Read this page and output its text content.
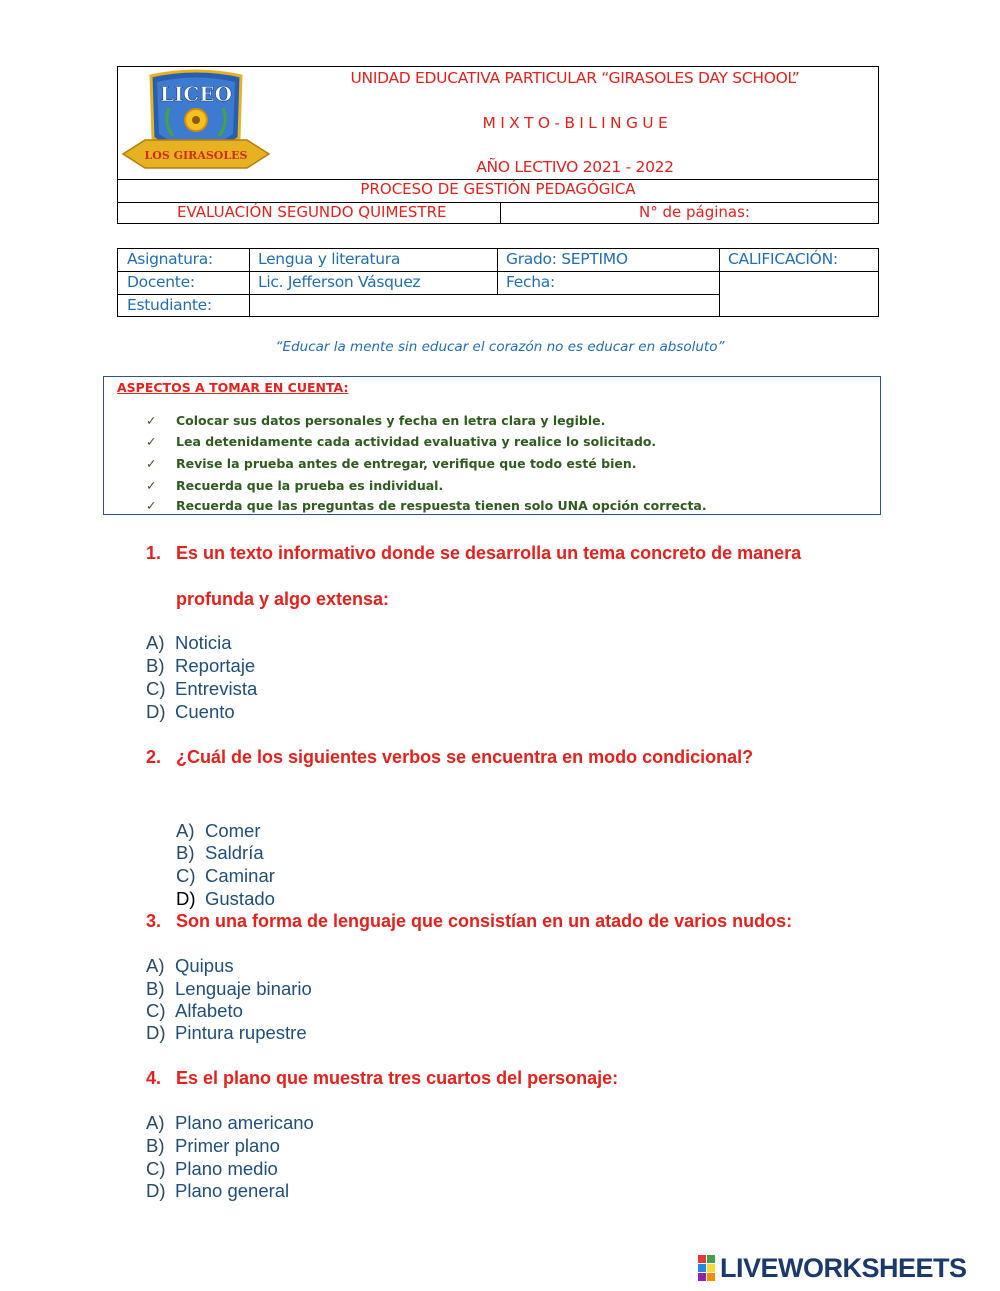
LICEO
LOS GIRASOLES
UNIDAD EDUCATIVA PARTICULAR “GIRASOLES DAY SCHOOL”
M I X T O - B I L I N G U E
AÑO LECTIVO 2021 - 2022
PROCESO DE GESTIÓN PEDAGÓGICA
EVALUACIÓN SEGUNDO QUIMESTRE	N° de páginas:
Asignatura:	Lengua y literatura	Grado: SEPTIMO	CALIFICACIÓN:
Docente:	Lic. Jefferson Vásquez	Fecha:
Estudiante:
“Educar la mente sin educar el corazón no es educar en absoluto”
ASPECTOS A TOMAR EN CUENTA:
✓ Colocar sus datos personales y fecha en letra clara y legible.
✓ Lea detenidamente cada actividad evaluativa y realice lo solicitado.
✓ Revise la prueba antes de entregar, verifique que todo esté bien.
✓ Recuerda que la prueba es individual.
✓ Recuerda que las preguntas de respuesta tienen solo UNA opción correcta.
1. Es un texto informativo donde se desarrolla un tema concreto de manera
profunda y algo extensa:
A) Noticia
B) Reportaje
C) Entrevista
D) Cuento
2. ¿Cuál de los siguientes verbos se encuentra en modo condicional?
A) Comer
B) Saldría
C) Caminar
D) Gustado
3. Son una forma de lenguaje que consistían en un atado de varios nudos:
A) Quipus
B) Lenguaje binario
C) Alfabeto
D) Pintura rupestre
4. Es el plano que muestra tres cuartos del personaje:
A) Plano americano
B) Primer plano
C) Plano medio
D) Plano general
LIVEWORKSHEETS
